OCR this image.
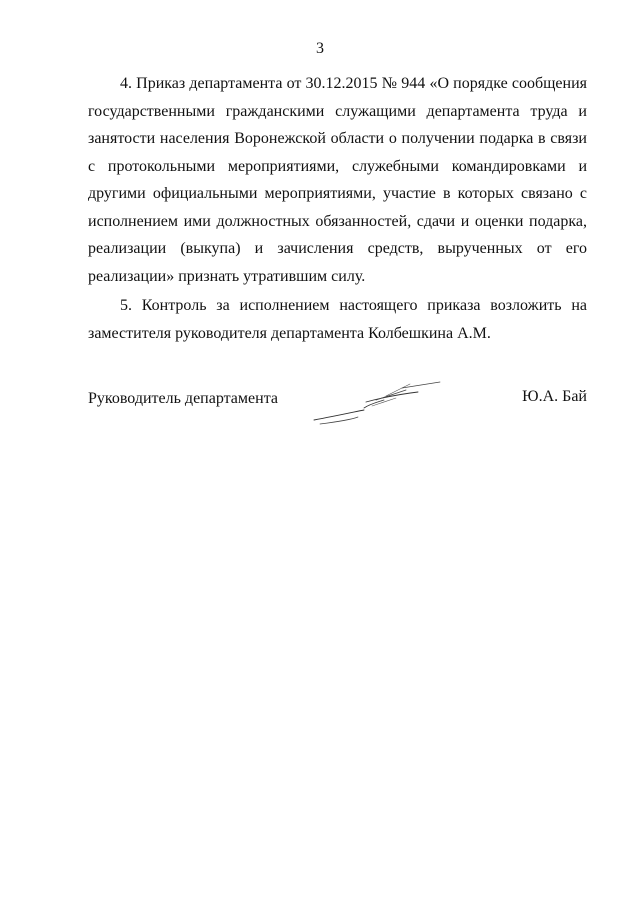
3

4. Приказ департамента от 30.12.2015 № 944 «О порядке сообщения государственными гражданскими служащими департамента труда и занятости населения Воронежской области о получении подарка в связи с протокольными мероприятиями, служебными командировками и другими официальными мероприятиями, участие в которых связано с исполнением ими должностных обязанностей, сдачи и оценки подарка, реализации (выкупа) и зачисления средств, вырученных от его реализации» признать утратившим силу.

5. Контроль за исполнением настоящего приказа возложить на заместителя руководителя департамента Колбешкина А.М.

Руководитель департамента	Ю.А. Бай
